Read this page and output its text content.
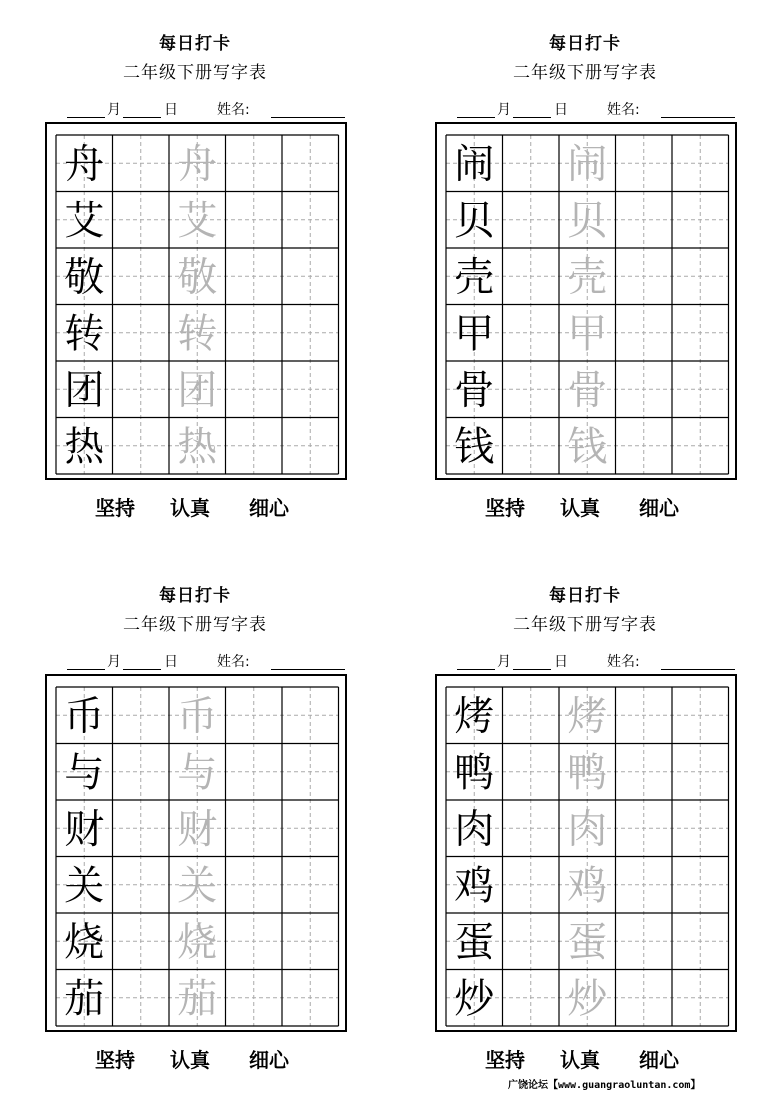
每日打卡
二年级下册写字表
月	日	姓名:
舟 舟
艾 艾
敬 敬
转 转
团 团
热 热
坚持 认真 细心
每日打卡
二年级下册写字表
月	日	姓名:
闹 闹
贝 贝
壳 壳
甲 甲
骨 骨
钱 钱
坚持 认真 细心
每日打卡
二年级下册写字表
月	日	姓名:
币 币
与 与
财 财
关 关
烧 烧
茄 茄
坚持 认真 细心
每日打卡
二年级下册写字表
月	日	姓名:
烤 烤
鸭 鸭
肉 肉
鸡 鸡
蛋 蛋
炒 炒
坚持 认真 细心
广饶论坛【www.guangraoluntan.com】
